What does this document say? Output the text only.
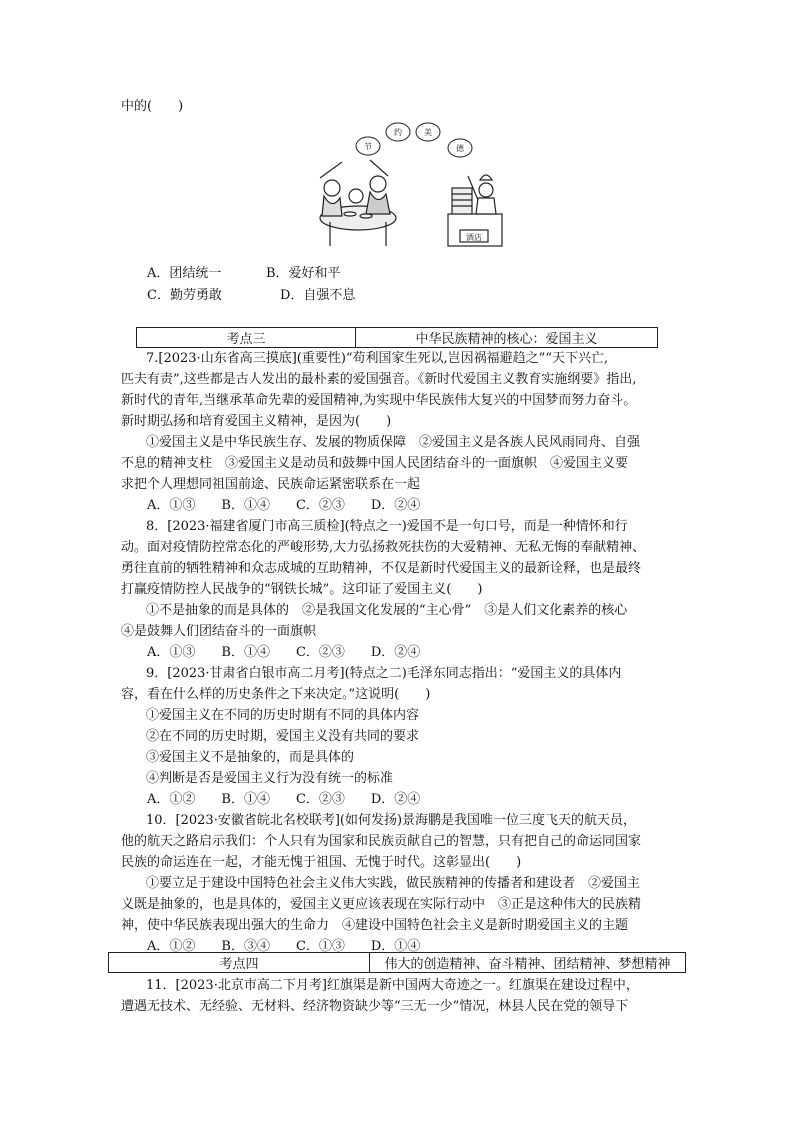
中的(　　)
节
约	美
德
酒店
A．团结统一	B．爱好和平
C．勤劳勇敢	D．自强不息
考点三	中华民族精神的核心：爱国主义
7.[2023·山东省高三摸底](重要性)“苟利国家生死以,岂因祸福避趋之”“天下兴亡,
匹夫有责”,这些都是古人发出的最朴素的爱国强音。《新时代爱国主义教育实施纲要》指出,
新时代的青年,当继承革命先辈的爱国精神,为实现中华民族伟大复兴的中国梦而努力奋斗。
新时期弘扬和培育爱国主义精神，是因为(　　)
①爱国主义是中华民族生存、发展的物质保障　②爱国主义是各族人民风雨同舟、自强
不息的精神支柱　③爱国主义是动员和鼓舞中国人民团结奋斗的一面旗帜　④爱国主义要
求把个人理想同祖国前途、民族命运紧密联系在一起
A．①③　　B．①④　　C．②③　　D．②④
8．[2023·福建省厦门市高三质检](特点之一)爱国不是一句口号，而是一种情怀和行
动。面对疫情防控常态化的严峻形势,大力弘扬救死扶伤的大爱精神、无私无悔的奉献精神、
勇往直前的牺牲精神和众志成城的互助精神，不仅是新时代爱国主义的最新诠释，也是最终
打赢疫情防控人民战争的“钢铁长城”。这印证了爱国主义(　　)
①不是抽象的而是具体的　②是我国文化发展的“主心骨”　③是人们文化素养的核心
④是鼓舞人们团结奋斗的一面旗帜
A．①③　　B．①④　　C．②③　　D．②④
9．[2023·甘肃省白银市高二月考](特点之二)毛泽东同志指出：“爱国主义的具体内
容，看在什么样的历史条件之下来决定。”这说明(　　)
①爱国主义在不同的历史时期有不同的具体内容
②在不同的历史时期，爱国主义没有共同的要求
③爱国主义不是抽象的，而是具体的
④判断是否是爱国主义行为没有统一的标准
A．①②　　B．①④　　C．②③　　D．②④
10．[2023·安徽省皖北名校联考](如何发扬)景海鹏是我国唯一位三度飞天的航天员，
他的航天之路启示我们：个人只有为国家和民族贡献自己的智慧，只有把自己的命运同国家
民族的命运连在一起，才能无愧于祖国、无愧于时代。这彰显出(　　)
①要立足于建设中国特色社会主义伟大实践，做民族精神的传播者和建设者　②爱国主
义既是抽象的，也是具体的，爱国主义更应该表现在实际行动中　③正是这种伟大的民族精
神，使中华民族表现出强大的生命力　④建设中国特色社会主义是新时期爱国主义的主题
A．①②　　B．③④　　C．①③　　D．①④
考点四	伟大的创造精神、奋斗精神、团结精神、梦想精神
11．[2023·北京市高二下月考]红旗渠是新中国两大奇迹之一。红旗渠在建设过程中，
遭遇无技术、无经验、无材料、经济物资缺少等“三无一少”情况，林县人民在党的领导下
